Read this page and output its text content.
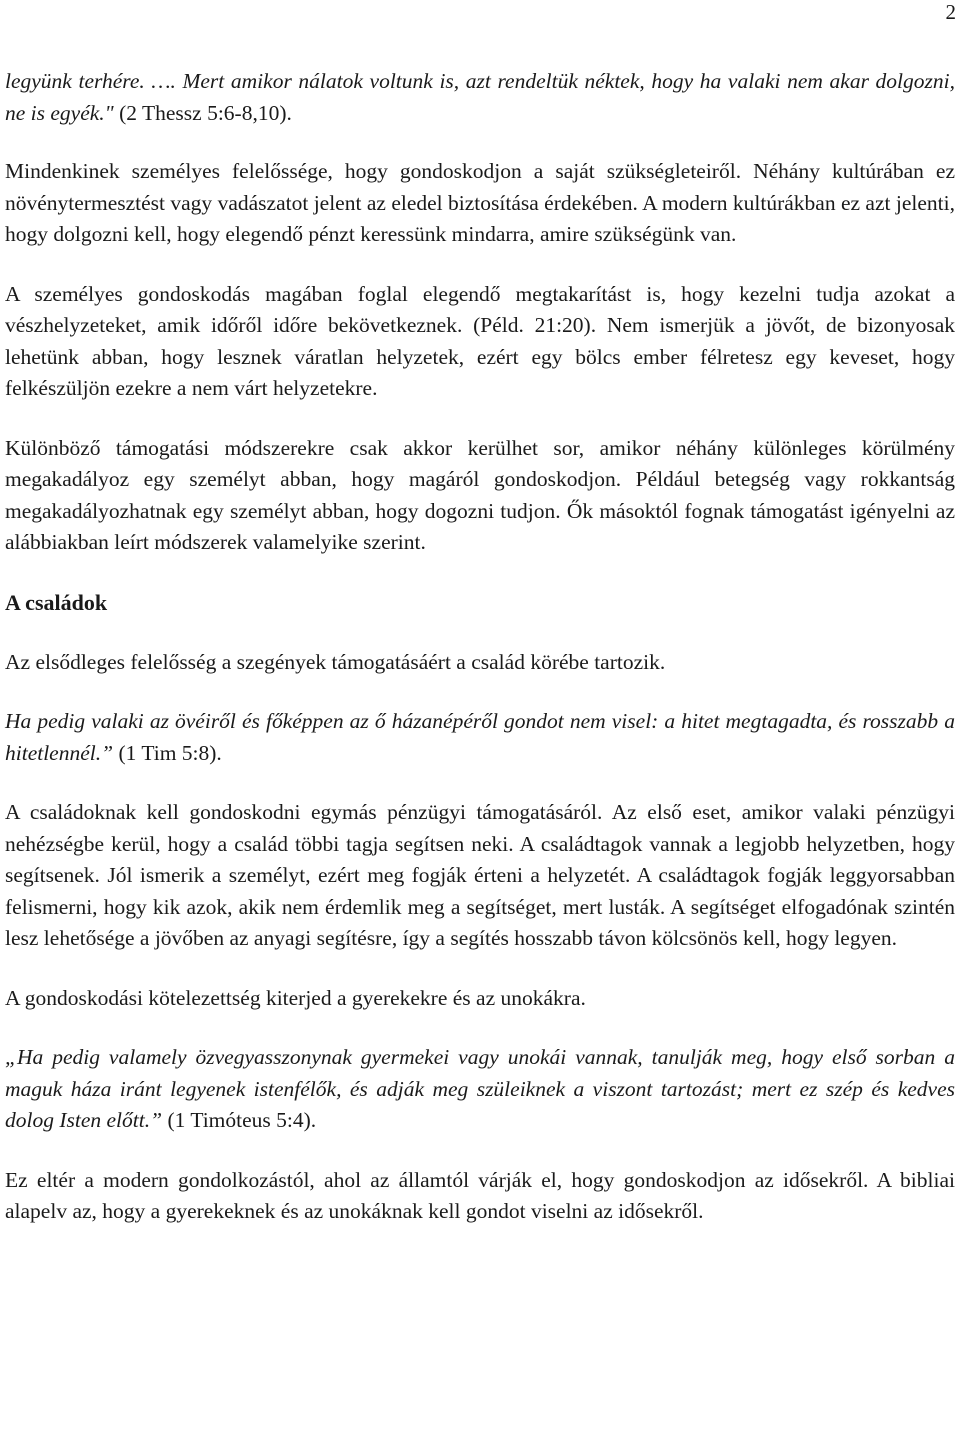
2

legyünk terhére. …. Mert amikor nálatok voltunk is, azt rendeltük néktek, hogy ha valaki nem akar dolgozni, ne is egyék." (2 Thessz 5:6-8,10).

Mindenkinek személyes felelőssége, hogy gondoskodjon a saját szükségleteiről. Néhány kultúrában ez növénytermesztést vagy vadászatot jelent az eledel biztosítása érdekében. A modern kultúrákban ez azt jelenti, hogy dolgozni kell, hogy elegendő pénzt keressünk mindarra, amire szükségünk van.

A személyes gondoskodás magában foglal elegendő megtakarítást is, hogy kezelni tudja azokat a vészhelyzeteket, amik időről időre bekövetkeznek. (Péld. 21:20). Nem ismerjük a jövőt, de bizonyosak lehetünk abban, hogy lesznek váratlan helyzetek, ezért egy bölcs ember félretesz egy keveset, hogy felkészüljön ezekre a nem várt helyzetekre.

Különböző támogatási módszerekre csak akkor kerülhet sor, amikor néhány különleges körülmény megakadályoz egy személyt abban, hogy magáról gondoskodjon. Például betegség vagy rokkantság megakadályozhatnak egy személyt abban, hogy dogozni tudjon. Ők másoktól fognak támogatást igényelni az alábbiakban leírt módszerek valamelyike szerint.

A családok

Az elsődleges felelősség a szegények támogatásáért a család körébe tartozik.

Ha pedig valaki az övéiről és főképpen az ő házanépéről gondot nem visel: a hitet megtagadta, és rosszabb a hitetlennél.” (1 Tim 5:8).

A családoknak kell gondoskodni egymás pénzügyi támogatásáról. Az első eset, amikor valaki pénzügyi nehézségbe kerül, hogy a család többi tagja segítsen neki. A családtagok vannak a legjobb helyzetben, hogy segítsenek. Jól ismerik a személyt, ezért meg fogják érteni a helyzetét. A családtagok fogják leggyorsabban felismerni, hogy kik azok, akik nem érdemlik meg a segítséget, mert lusták. A segítséget elfogadónak szintén lesz lehetősége a jövőben az anyagi segítésre, így a segítés hosszabb távon kölcsönös kell, hogy legyen.

A gondoskodási kötelezettség kiterjed a gyerekekre és az unokákra.

„Ha pedig valamely özvegyasszonynak gyermekei vagy unokái vannak, tanulják meg, hogy első sorban a maguk háza iránt legyenek istenfélők, és adják meg szüleiknek a viszont tartozást; mert ez szép és kedves dolog Isten előtt.” (1 Timóteus 5:4).

Ez eltér a modern gondolkozástól, ahol az államtól várják el, hogy gondoskodjon az idősekről. A bibliai alapelv az, hogy a gyerekeknek és az unokáknak kell gondot viselni az idősekről.
